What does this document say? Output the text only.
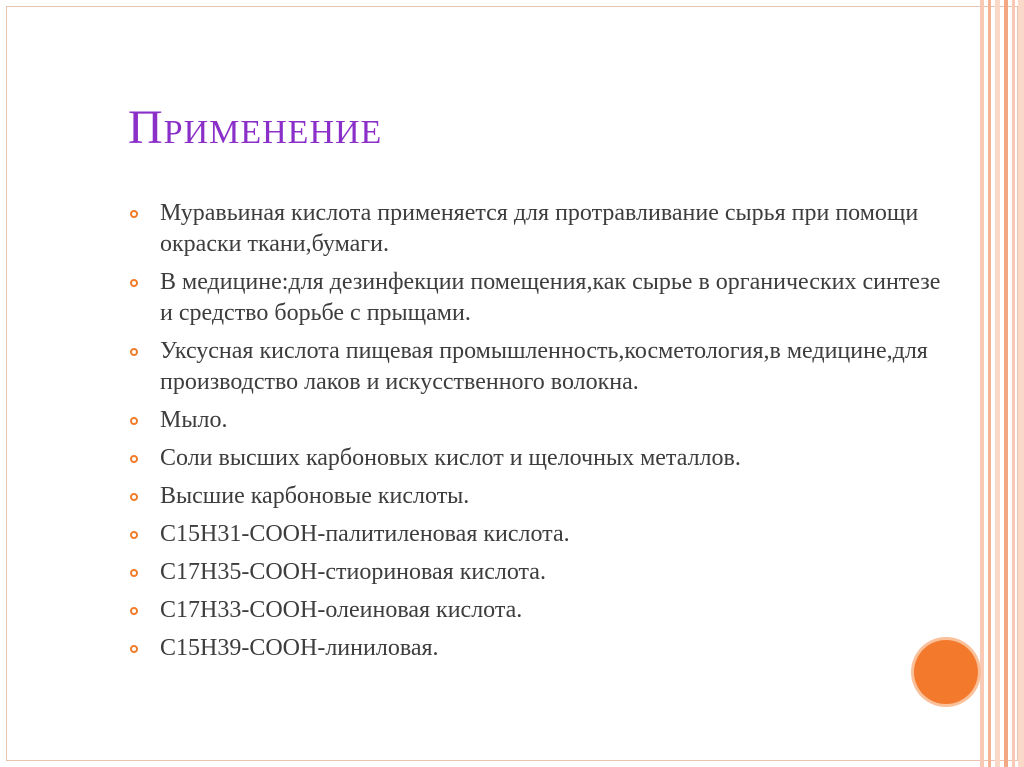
Применение
Муравьиная кислота применяется для протравливание сырья при помощи окраски ткани,бумаги.
В медицине:для дезинфекции помещения,как сырье в органических синтезе и средство борьбе с прыщами.
Уксусная кислота пищевая промышленность,косметология,в медицине,для производство лаков и искусственного волокна.
Мыло.
Соли высших карбоновых кислот и щелочных металлов.
Высшие карбоновые кислоты.
C15H31-COOH-палитиленовая кислота.
C17H35-COOH-стиориновая кислота.
C17H33-COOH-олеиновая кислота.
C15H39-COOH-линиловая.
